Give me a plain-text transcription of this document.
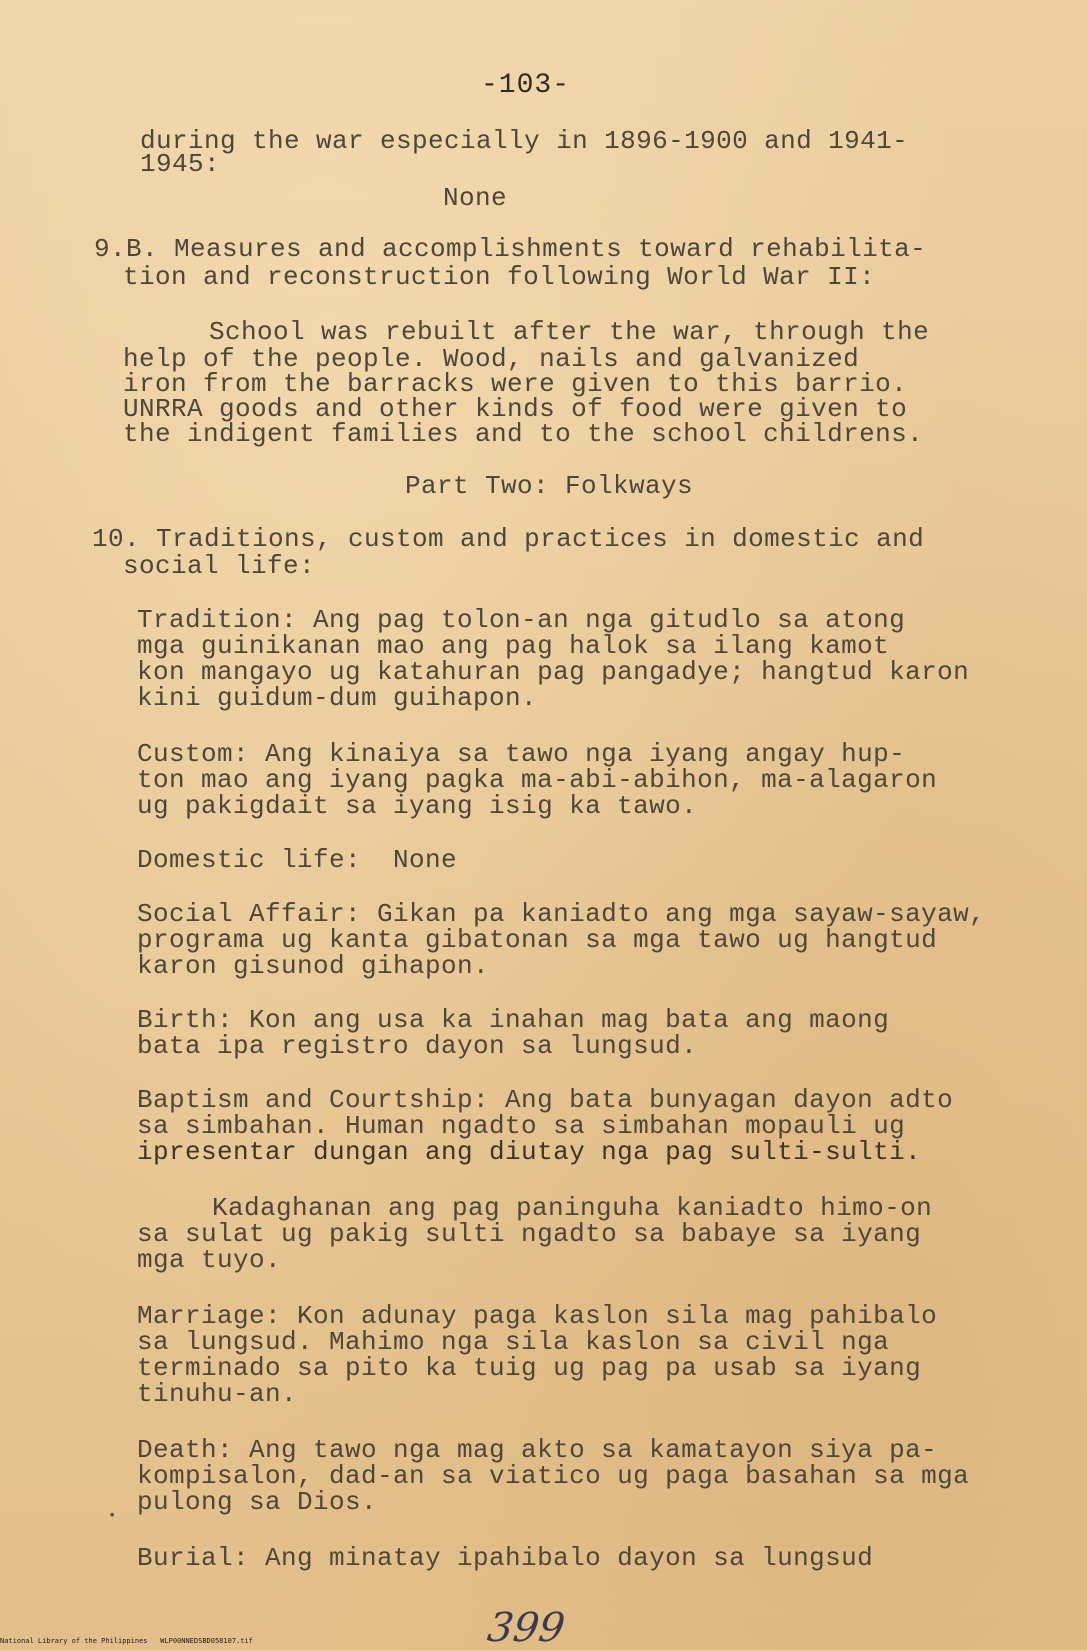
-103-
during the war especially in 1896-1900 and 1941-
1945:
None
9.B. Measures and accomplishments toward rehabilita-
tion and reconstruction following World War II:
School was rebuilt after the war, through the
help of the people. Wood, nails and galvanized
iron from the barracks were given to this barrio.
UNRRA goods and other kinds of food were given to
the indigent families and to the school childrens.
Part Two: Folkways
10. Traditions, custom and practices in domestic and
social life:
Tradition: Ang pag tolon-an nga gitudlo sa atong
mga guinikanan mao ang pag halok sa ilang kamot
kon mangayo ug katahuran pag pangadye; hangtud karon
kini guidum-dum guihapon.
Custom: Ang kinaiya sa tawo nga iyang angay hup-
ton mao ang iyang pagka ma-abi-abihon, ma-alagaron
ug pakigdait sa iyang isig ka tawo.
Domestic life:  None
Social Affair: Gikan pa kaniadto ang mga sayaw-sayaw,
programa ug kanta gibatonan sa mga tawo ug hangtud
karon gisunod gihapon.
Birth: Kon ang usa ka inahan mag bata ang maong
bata ipa registro dayon sa lungsud.
Baptism and Courtship: Ang bata bunyagan dayon adto
sa simbahan. Human ngadto sa simbahan mopauli ug
ipresentar dungan ang diutay nga pag sulti-sulti.
Kadaghanan ang pag paninguha kaniadto himo-on
sa sulat ug pakig sulti ngadto sa babaye sa iyang
mga tuyo.
Marriage: Kon adunay paga kaslon sila mag pahibalo
sa lungsud. Mahimo nga sila kaslon sa civil nga
terminado sa pito ka tuig ug pag pa usab sa iyang
tinuhu-an.
Death: Ang tawo nga mag akto sa kamatayon siya pa-
kompisalon, dad-an sa viatico ug paga basahan sa mga
pulong sa Dios.
•
Burial: Ang minatay ipahibalo dayon sa lungsud
399
National Library of the Philippines WLP00NNEDSBD058107.tif
